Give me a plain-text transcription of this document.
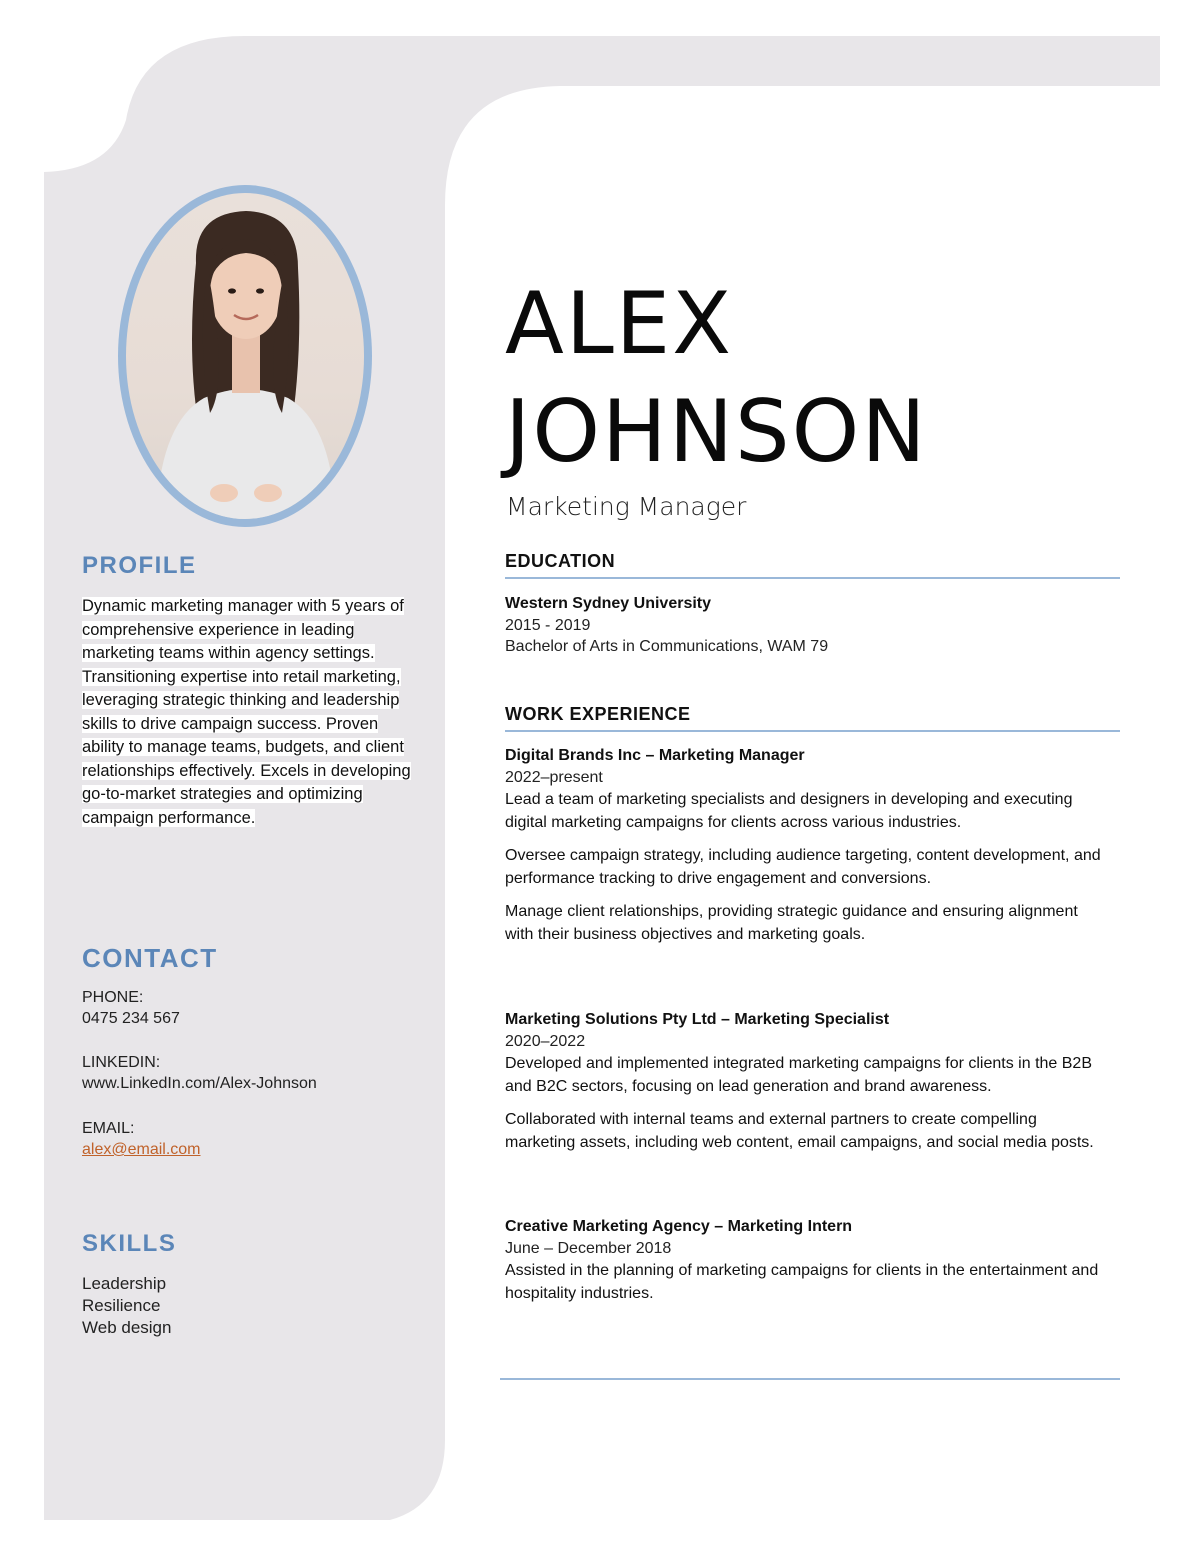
PROFILE

Dynamic marketing manager with 5 years of comprehensive experience in leading marketing teams within agency settings. Transitioning expertise into retail marketing, leveraging strategic thinking and leadership skills to drive campaign success. Proven ability to manage teams, budgets, and client relationships effectively. Excels in developing go-to-market strategies and optimizing campaign performance.

CONTACT
PHONE:
0475 234 567
LINKEDIN:
www.LinkedIn.com/Alex-Johnson
EMAIL:
alex@email.com
SKILLS
Leadership
Resilience
Web design
ALEX
JOHNSON
Marketing Manager
EDUCATION
Western Sydney University
2015 - 2019
Bachelor of Arts in Communications, WAM 79
WORK EXPERIENCE
Digital Brands Inc – Marketing Manager
2022–present

Lead a team of marketing specialists and designers in developing and executing digital marketing campaigns for clients across various industries.

Oversee campaign strategy, including audience targeting, content development, and performance tracking to drive engagement and conversions.

Manage client relationships, providing strategic guidance and ensuring alignment with their business objectives and marketing goals.

Marketing Solutions Pty Ltd – Marketing Specialist
2020–2022

Developed and implemented integrated marketing campaigns for clients in the B2B and B2C sectors, focusing on lead generation and brand awareness.

Collaborated with internal teams and external partners to create compelling marketing assets, including web content, email campaigns, and social media posts.

Creative Marketing Agency – Marketing Intern
June – December 2018

Assisted in the planning of marketing campaigns for clients in the entertainment and hospitality industries.
